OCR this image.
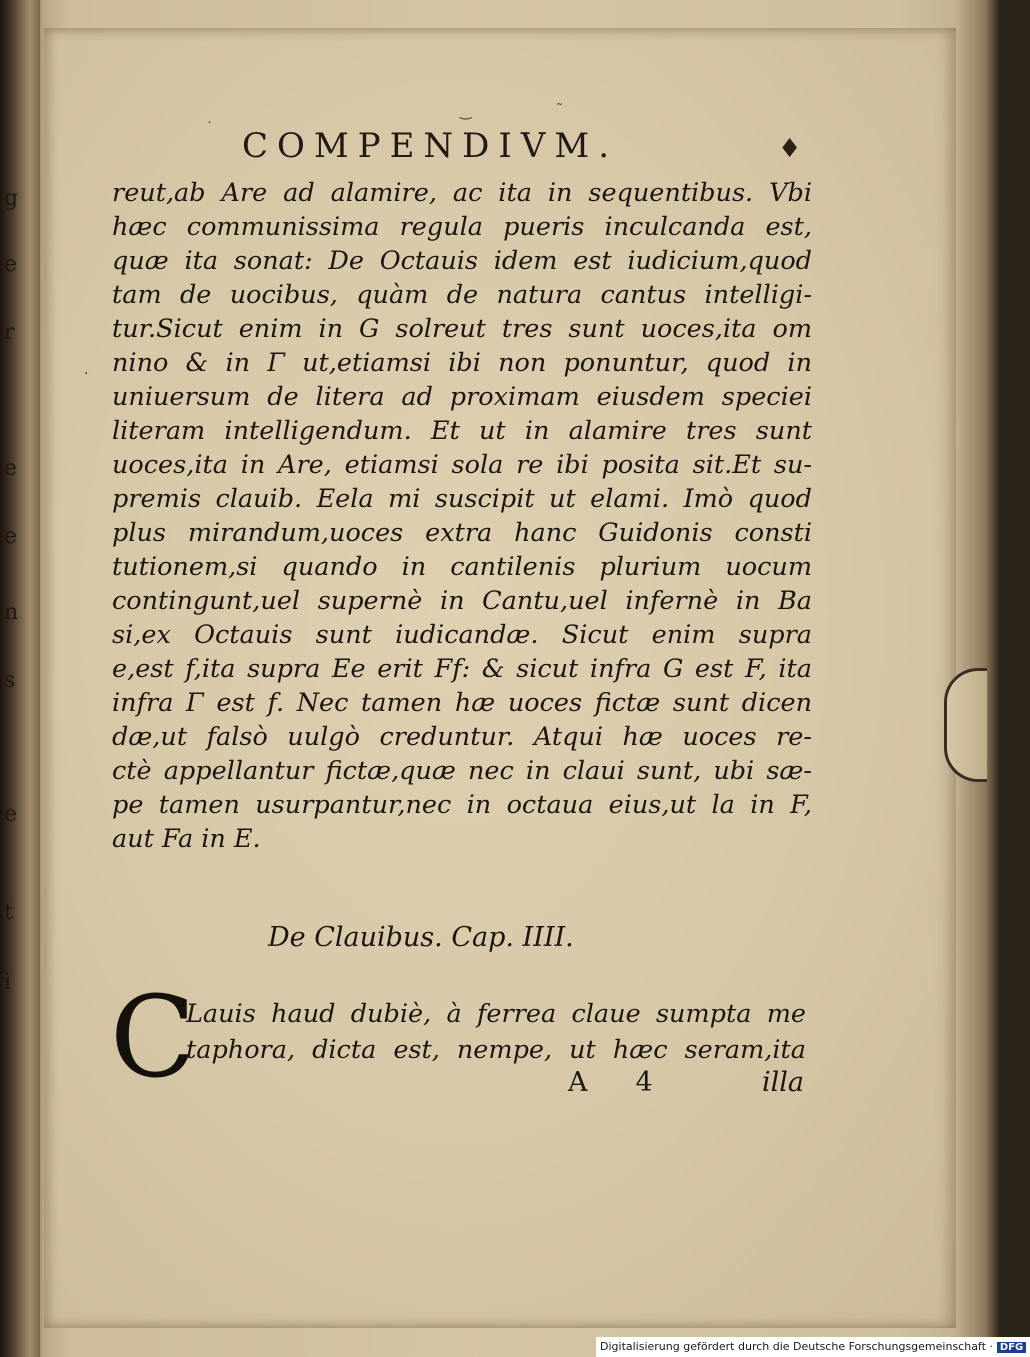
g
e
r
e
e
n
s
e
t
i
˙
‿	˜
·
COMPENDIVM.	♦
reut,ab Are ad alamire, ac ita in sequentibus. Vbi
hæc communissima regula pueris inculcanda est,
quæ ita sonat: De Octauis idem est iudicium,quod
tam de uocibus, quàm de natura cantus intelligi-
tur.Sicut enim in G solreut tres sunt uoces,ita om
nino & in Γ ut,etiamsi ibi non ponuntur, quod in
uniuersum de litera ad proximam eiusdem speciei
literam intelligendum. Et ut in alamire tres sunt
uoces,ita in Are, etiamsi sola re ibi posita sit.Et su-
premis clauib. Eela mi suscipit ut elami. Imò quod
plus mirandum,uoces extra hanc Guidonis consti
tutionem,si quando in cantilenis plurium uocum
contingunt,uel supernè in Cantu,uel infernè in Ba
si,ex Octauis sunt iudicandæ. Sicut enim supra
e,est f,ita supra Ee erit Ff: & sicut infra G est F, ita
infra Γ est f. Nec tamen hæ uoces fictæ sunt dicen
dæ,ut falsò uulgò creduntur. Atqui hæ uoces re-
ctè appellantur fictæ,quæ nec in claui sunt, ubi sæ-
pe tamen usurpantur,nec in octaua eius,ut la in F,
aut Fa in E.
De Clauibus. Cap. IIII.
C
Lauis haud dubiè, à ferrea claue sumpta me
taphora, dicta est, nempe, ut hæc seram,ita
A 4	illa
Digitalisierung gefördert durch die Deutsche Forschungsgemeinschaft · DFG
